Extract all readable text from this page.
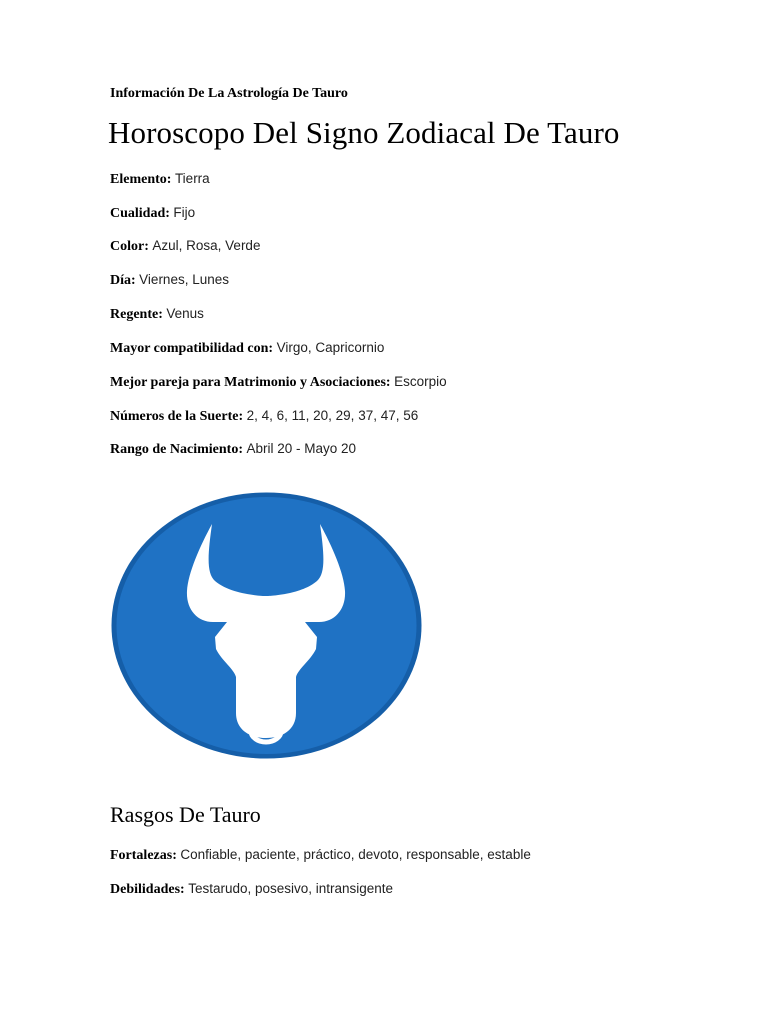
Información De La Astrología De Tauro

Horoscopo Del Signo Zodiacal De Tauro

Elemento: Tierra

Cualidad: Fijo

Color: Azul, Rosa, Verde

Día: Viernes, Lunes

Regente: Venus

Mayor compatibilidad con: Virgo, Capricornio

Mejor pareja para Matrimonio y Asociaciones: Escorpio

Números de la Suerte: 2, 4, 6, 11, 20, 29, 37, 47, 56

Rango de Nacimiento: Abril 20 - Mayo 20

Rasgos De Tauro

Fortalezas: Confiable, paciente, práctico, devoto, responsable, estable

Debilidades: Testarudo, posesivo, intransigente
